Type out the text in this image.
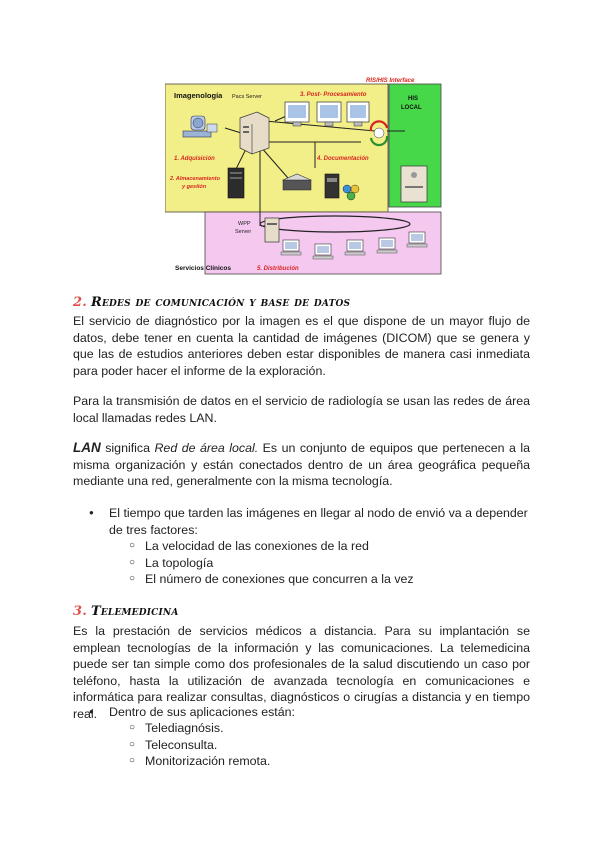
RIS/HIS Interface
Imagenología Pacs Server	3. Post- Procesamiento
HIS
LOCAL
1. Adquisición
2. Almacenamiento
y gestión
4. Documentación
WPP
Server
Servicios Clínicos	5. Distribución
2. Redes de comunicación y base de datos
El servicio de diagnóstico por la imagen es el que dispone de un mayor flujo de datos, debe tener en cuenta la cantidad de imágenes (DICOM) que se genera y que las de estudios anteriores deben estar disponibles de manera casi inmediata para poder hacer el informe de la exploración.
Para la transmisión de datos en el servicio de radiología se usan las redes de área local llamadas redes LAN.
LAN significa Red de área local. Es un conjunto de equipos que pertenecen a la misma organización y están conectados dentro de un área geográfica pequeña mediante una red, generalmente con la misma tecnología.
● El tiempo que tarden las imágenes en llegar al nodo de envió va a depender de tres factores:
○ La velocidad de las conexiones de la red
○ La topología
○ El número de conexiones que concurren a la vez
3. Telemedicina
Es la prestación de servicios médicos a distancia. Para su implantación se emplean tecnologías de la información y las comunicaciones. La telemedicina puede ser tan simple como dos profesionales de la salud discutiendo un caso por teléfono, hasta la utilización de avanzada tecnología en comunicaciones e informática para realizar consultas, diagnósticos o cirugías a distancia y en tiempo real. ● Dentro de sus aplicaciones están:
○ Telediagnósis.
○ Teleconsulta.
○ Monitorización remota.
